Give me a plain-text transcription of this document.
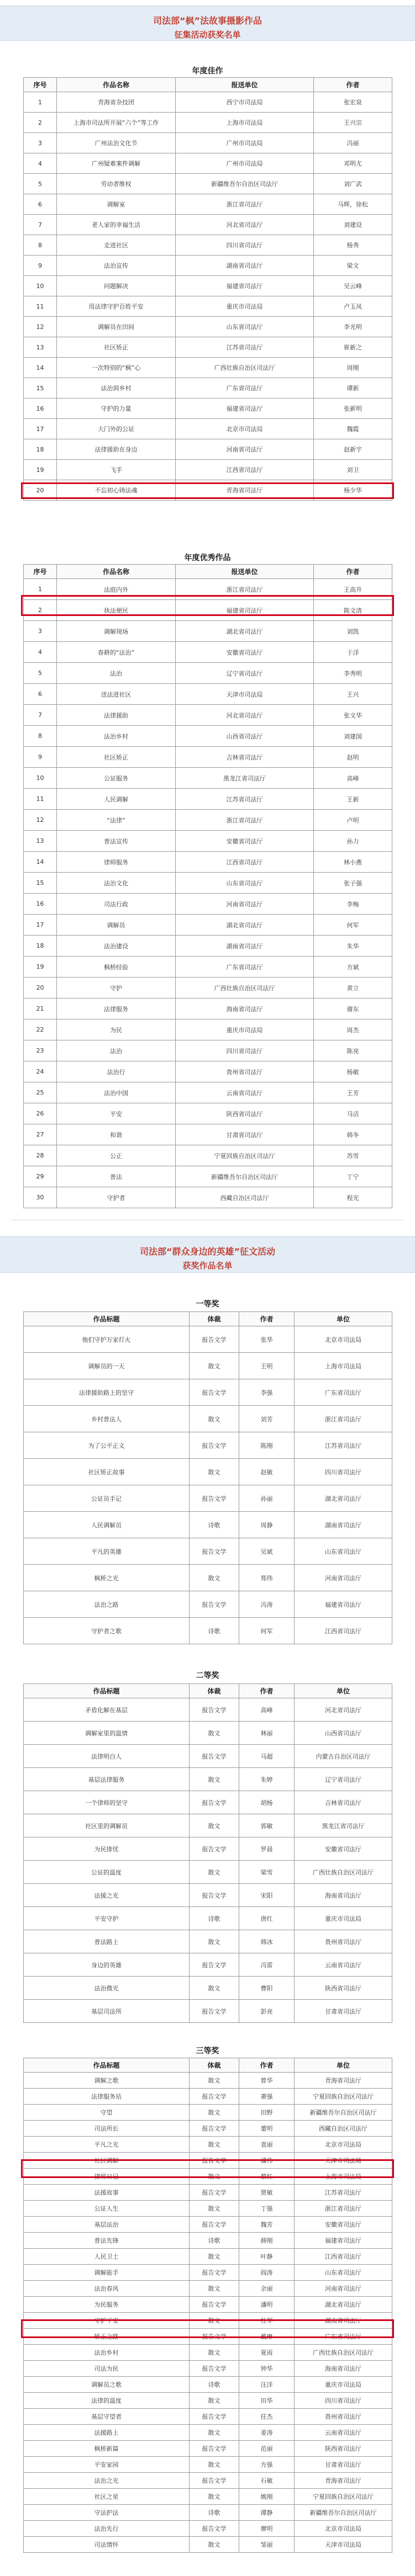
司法部“枫”法故事摄影作品
征集活动获奖名单
年度佳作
序号	作品名称	报送单位	作者
1	青海省杂技团	西宁市司法局	张宏泉
2	上海市司法所开展“六个”等工作	上海市司法局	王兴宗
3	广州法治文化节	广州市司法局	冯丽
4	广州疑难案件调解	广州市司法局	邓明尤
5	劳动者维权	新疆维吾尔自治区司法厅	刘广武
6	调解室	浙江省司法厅	马辉，徐松
7	老人家的幸福生活	河北省司法厅	刘建设
8	走进社区	四川省司法厅	杨秀
9	法治宣传	湖南省司法厅	梁文
10	问题解决	福建省司法厅	吴云峰
11	用法律守护百姓平安	重庆市司法局	卢玉凤
12	调解员在田间	山东省司法厅	李光明
13	社区矫正	江苏省司法厅	崔新之
14	一次特别的“枫”心	广西壮族自治区司法厅	周刚
15	法治润乡村	广东省司法厅	谭新
16	守护的力量	福建省司法厅	张新明
17	大门外的公证	北京市司法局	魏霞
18	法律援助在身边	河南省司法厅	赵新宇
19	飞手	江西省司法厅	刘卫
20	不忘初心铸法魂	青海省司法厅	杨少华
年度优秀作品
序号	作品名称	报送单位	作者
1	法庭内外	浙江省司法厅	王高升
2	执法便民	福建省司法厅	陈文清
3	调解现场	湖北省司法厅	刘凯
4	春耕的“法治”	安徽省司法厅	于洋
5	法治	辽宁省司法厅	李秀明
6	送法进社区	天津市司法局	王兴
7	法律援助	河北省司法厅	张文华
8	法治乡村	山西省司法厅	刘建国
9	社区矫正	吉林省司法厅	赵明
10	公证服务	黑龙江省司法厅	高峰
11	人民调解	江苏省司法厅	王新
12	“法律”	浙江省司法厅	卢明
13	普法宣传	安徽省司法厅	孙力
14	律师服务	江西省司法厅	林小燕
15	法治文化	山东省司法厅	张子强
16	司法行政	河南省司法厅	李梅
17	调解员	湖北省司法厅	何军
18	法治建设	湖南省司法厅	朱华
19	枫桥经验	广东省司法厅	方斌
20	守护	广西壮族自治区司法厅	黄立
21	法律服务	海南省司法厅	谢东
22	为民	重庆市司法局	周杰
23	法治	四川省司法厅	陈亮
24	法治行	贵州省司法厅	杨敏
25	法治中国	云南省司法厅	王芳
26	平安	陕西省司法厅	马洁
27	和谐	甘肃省司法厅	韩冬
28	公正	宁夏回族自治区司法厅	苏雪
29	普法	新疆维吾尔自治区司法厅	丁宁
30	守护者	西藏自治区司法厅	程光
司法部“群众身边的英雄”征文活动
获奖作品名单
一等奖
作品标题	体裁	作者	单位
他们守护万家灯火	报告文学	张华	北京市司法局
调解员的一天	散文	王明	上海市司法局
法律援助路上的坚守	报告文学	李强	广东省司法厅
乡村普法人	散文	刘芳	浙江省司法厅
为了公平正义	报告文学	陈刚	江苏省司法厅
社区矫正故事	散文	赵敏	四川省司法厅
公证员手记	报告文学	孙丽	湖北省司法厅
人民调解员	诗歌	周静	湖南省司法厅
平凡的英雄	报告文学	吴斌	山东省司法厅
枫桥之光	散文	郑伟	河南省司法厅
法治之路	报告文学	冯涛	福建省司法厅
守护者之歌	诗歌	何军	江西省司法厅
二等奖
作品标题	体裁	作者	单位
矛盾化解在基层	报告文学	高峰	河北省司法厅
调解室里的温情	散文	林丽	山西省司法厅
法律明白人	报告文学	马超	内蒙古自治区司法厅
基层法律服务	散文	朱婷	辽宁省司法厅
一个律师的坚守	报告文学	胡杨	吉林省司法厅
社区里的调解员	散文	郭敏	黑龙江省司法厅
为民排忧	报告文学	罗晨	安徽省司法厅
公证的温度	散文	梁雪	广西壮族自治区司法厅
法援之光	报告文学	宋阳	海南省司法厅
平安守护	诗歌	唐红	重庆市司法局
普法路上	散文	韩冰	贵州省司法厅
身边的英雄	报告文学	冯雷	云南省司法厅
法治微光	散文	曹阳	陕西省司法厅
基层司法所	报告文学	彭亮	甘肃省司法厅
三等奖
作品标题	体裁	作者	单位
调解之歌	散文	曾华	青海省司法厅
法律服务站	报告文学	萧强	宁夏回族自治区司法厅
守望	散文	田野	新疆维吾尔自治区司法厅
司法所长	报告文学	董明	西藏自治区司法厅
平凡之光	散文	袁丽	北京市司法局
社区调解	报告文学	潘伟	天津市司法局
律师日记	散文	蔡红	上海市司法局
法援故事	报告文学	贾敏	江苏省司法厅
公证人生	散文	丁强	浙江省司法厅
基层法治	报告文学	魏芳	安徽省司法厅
普法先锋	诗歌	薛刚	福建省司法厅
人民卫士	散文	叶静	江西省司法厅
调解能手	报告文学	阎涛	山东省司法厅
法治春风	散文	余丽	河南省司法厅
为民服务	报告文学	潘明	湖北省司法厅
守护平安	散文	杜军	湖南省司法厅
矫正之路	报告文学	戴琳	广东省司法厅
法治乡村	散文	夏雨	广西壮族自治区司法厅
司法为民	报告文学	钟华	海南省司法厅
调解员之歌	诗歌	汪洋	重庆市司法局
法律的温度	散文	田华	四川省司法厅
基层守望者	报告文学	任杰	贵州省司法厅
法援路上	散文	姜涛	云南省司法厅
枫桥新篇	报告文学	范丽	陕西省司法厅
平安家园	散文	方强	甘肃省司法厅
法治之光	报告文学	石敏	青海省司法厅
社区之星	散文	姚刚	宁夏回族自治区司法厅
守法护法	诗歌	谭静	新疆维吾尔自治区司法厅
法治先行	报告文学	廖明	北京市司法局
司法情怀	散文	邹丽	天津市司法局
